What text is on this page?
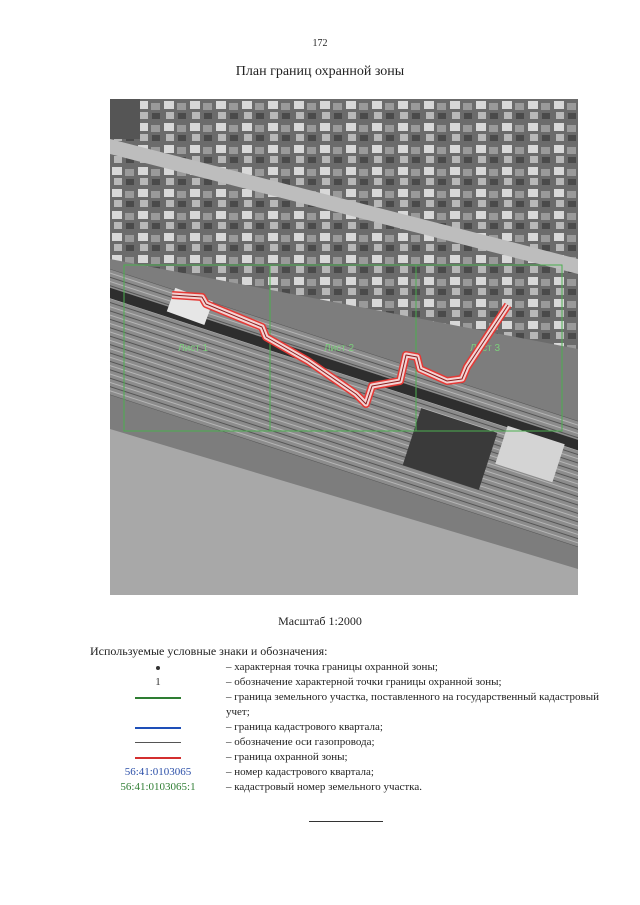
172
План границ охранной зоны
Лист 1	Лист 2	Лист 3
Масштаб 1:2000
Используемые условные знаки и обозначения:
– характерная точка границы охранной зоны;
1	– обозначение характерной точки границы охранной зоны;
– граница земельного участка, поставленного на государственный кадастровый учет;
– граница кадастрового квартала;
– обозначение оси газопровода;
– граница охранной зоны;
56:41:0103065	– номер кадастрового квартала;
56:41:0103065:1	– кадастровый номер земельного участка.
